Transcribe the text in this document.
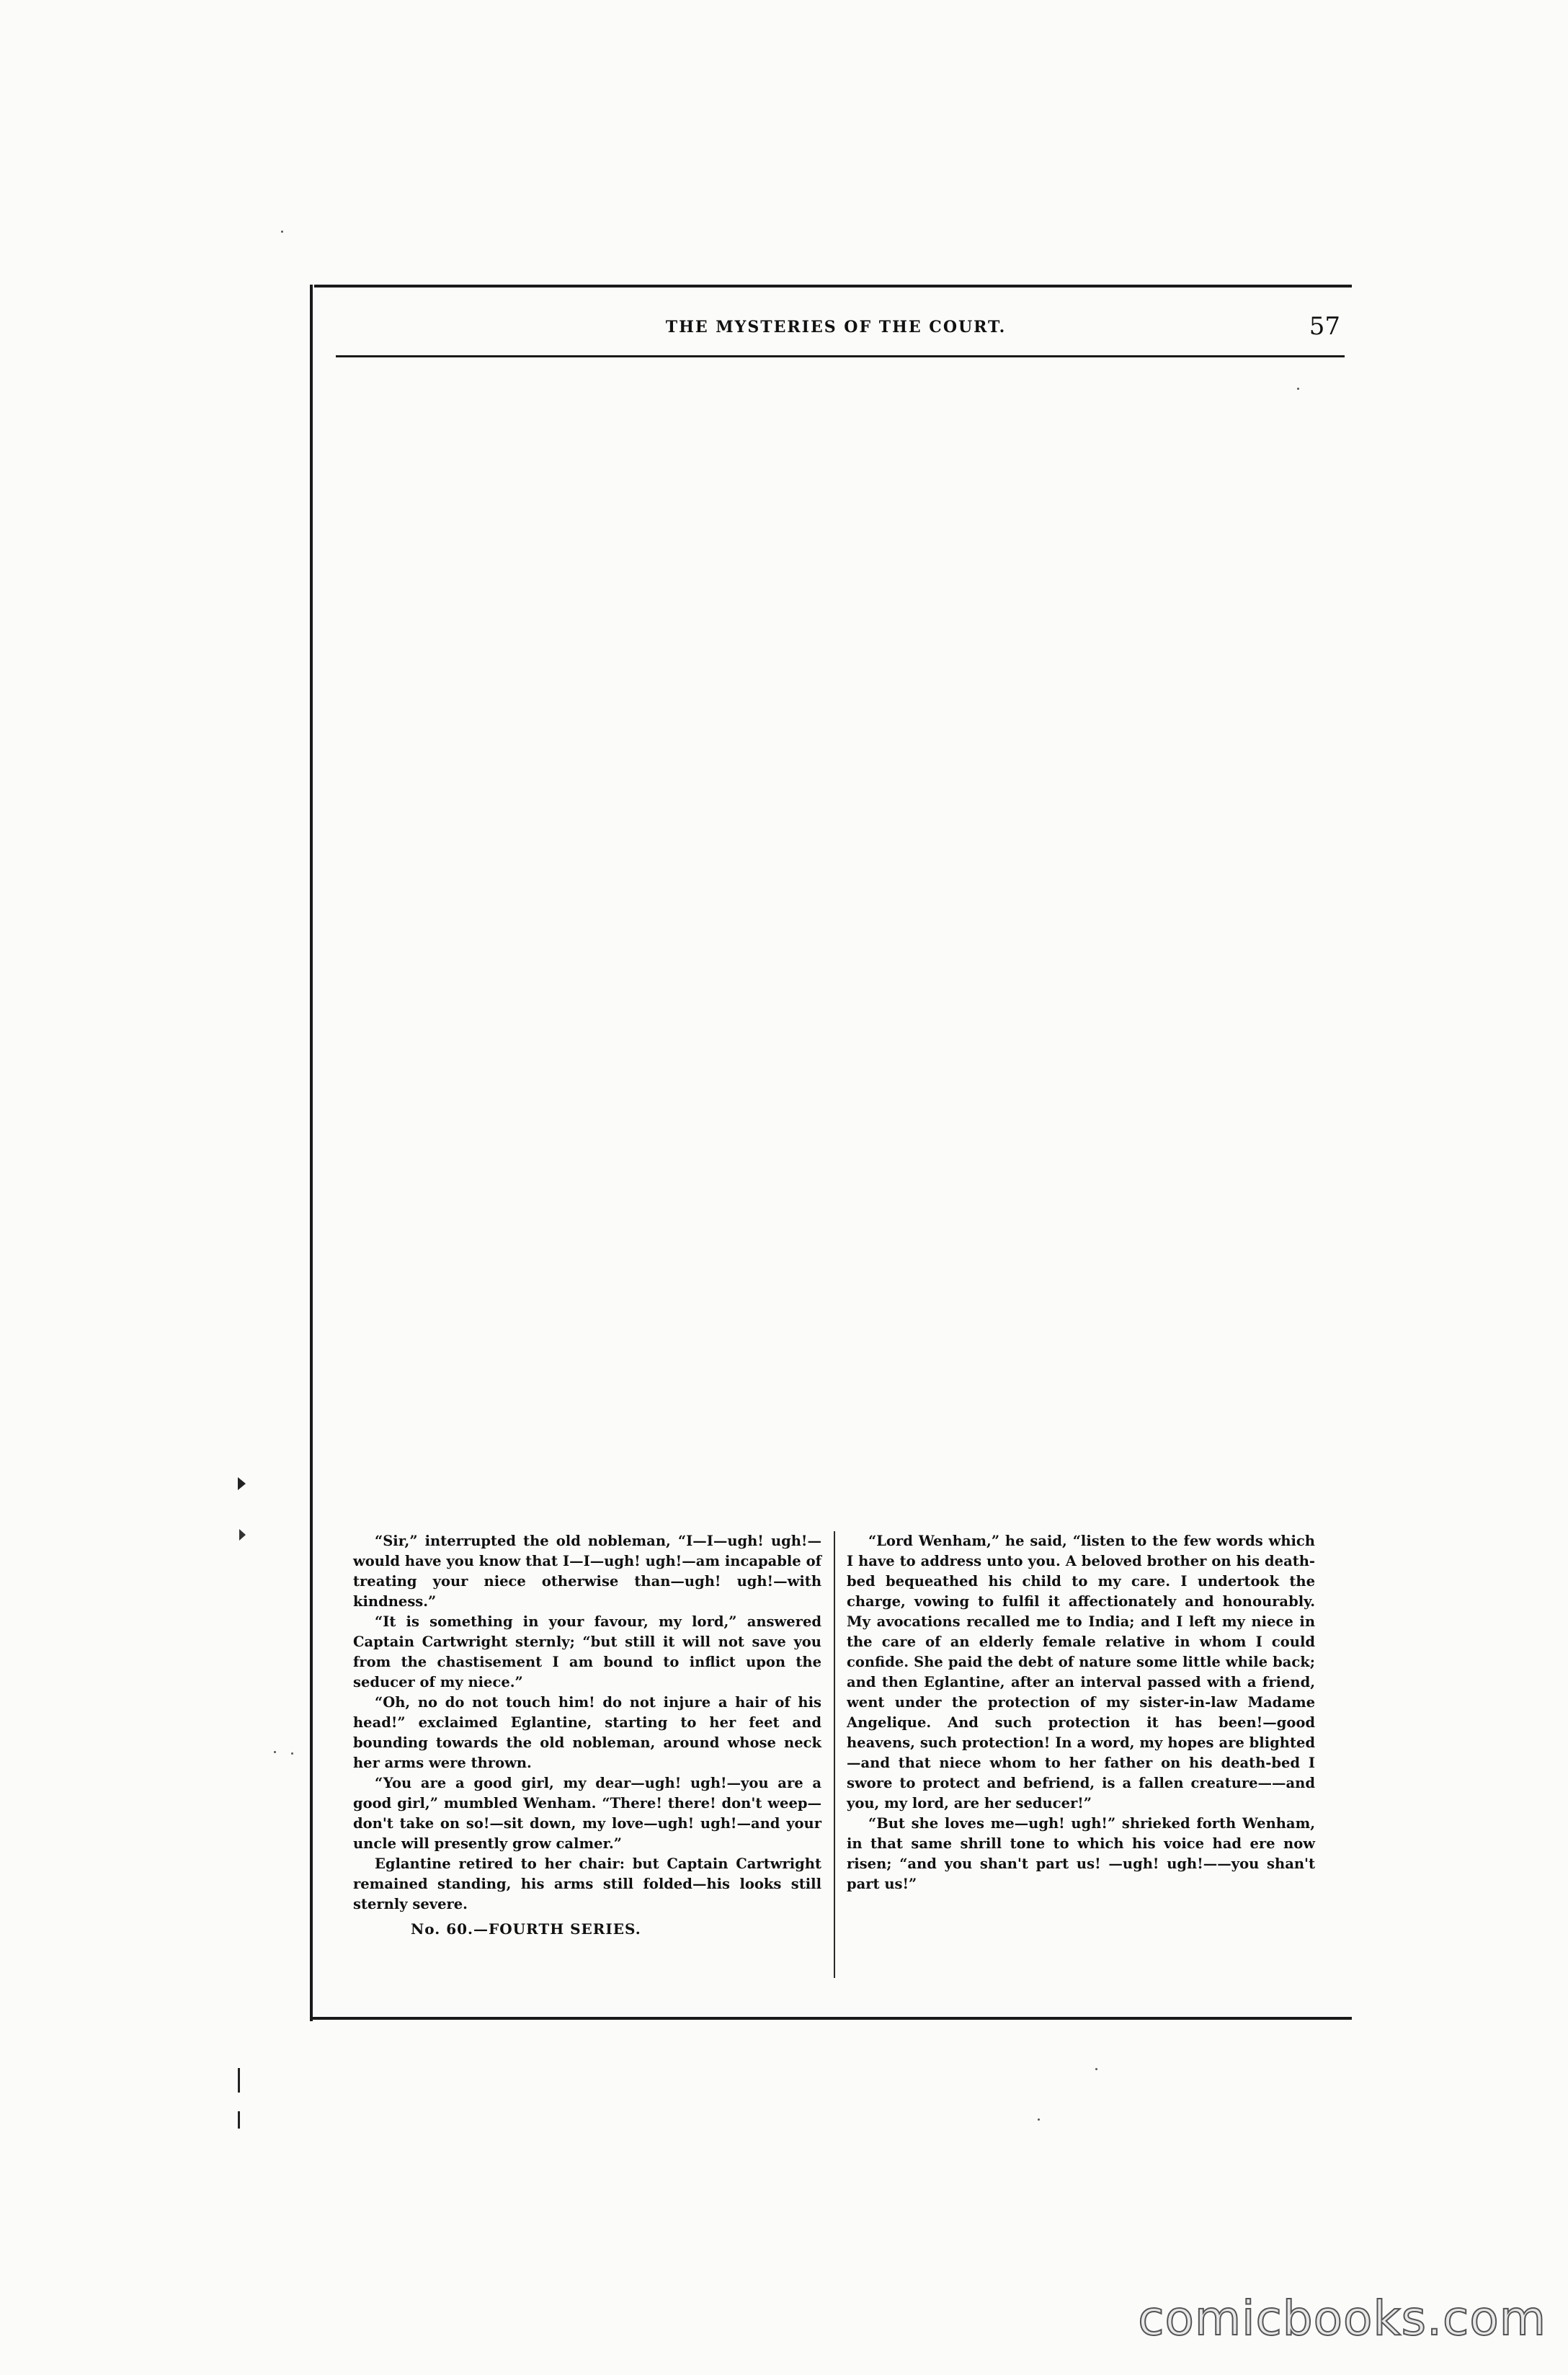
THE MYSTERIES OF THE COURT.	57

“Sir,” interrupted the old nobleman, “I—I—ugh! ugh!—would have you know that I—I—ugh! ugh!—am incapable of treating your niece otherwise than—ugh! ugh!—with kindness.”

“It is something in your favour, my lord,” answered Captain Cartwright sternly; “but still it will not save you from the chastisement I am bound to inflict upon the seducer of my niece.”

“Oh, no do not touch him! do not injure a hair of his head!” exclaimed Eglantine, starting to her feet and bounding towards the old nobleman, around whose neck her arms were thrown.

“You are a good girl, my dear—ugh! ugh!—you are a good girl,” mumbled Wenham. “There! there! don't weep—don't take on so!—sit down, my love—ugh! ugh!—and your uncle will presently grow calmer.”

Eglantine retired to her chair: but Captain Cartwright remained standing, his arms still folded—his looks still sternly severe.

No. 60.—FOURTH SERIES.

“Lord Wenham,” he said, “listen to the few words which I have to address unto you. A beloved brother on his death-bed bequeathed his child to my care. I undertook the charge, vowing to fulfil it affectionately and honourably. My avocations recalled me to India; and I left my niece in the care of an elderly female relative in whom I could confide. She paid the debt of nature some little while back; and then Eglantine, after an interval passed with a friend, went under the protection of my sister-in-law Madame Angelique. And such protection it has been!—good heavens, such protection! In a word, my hopes are blighted—and that niece whom to her father on his death-bed I swore to protect and befriend, is a fallen creature——and you, my lord, are her seducer!”

“But she loves me—ugh! ugh!” shrieked forth Wenham, in that same shrill tone to which his voice had ere now risen; “and you shan't part us! —ugh! ugh!——you shan't part us!”

comicbooks.com
